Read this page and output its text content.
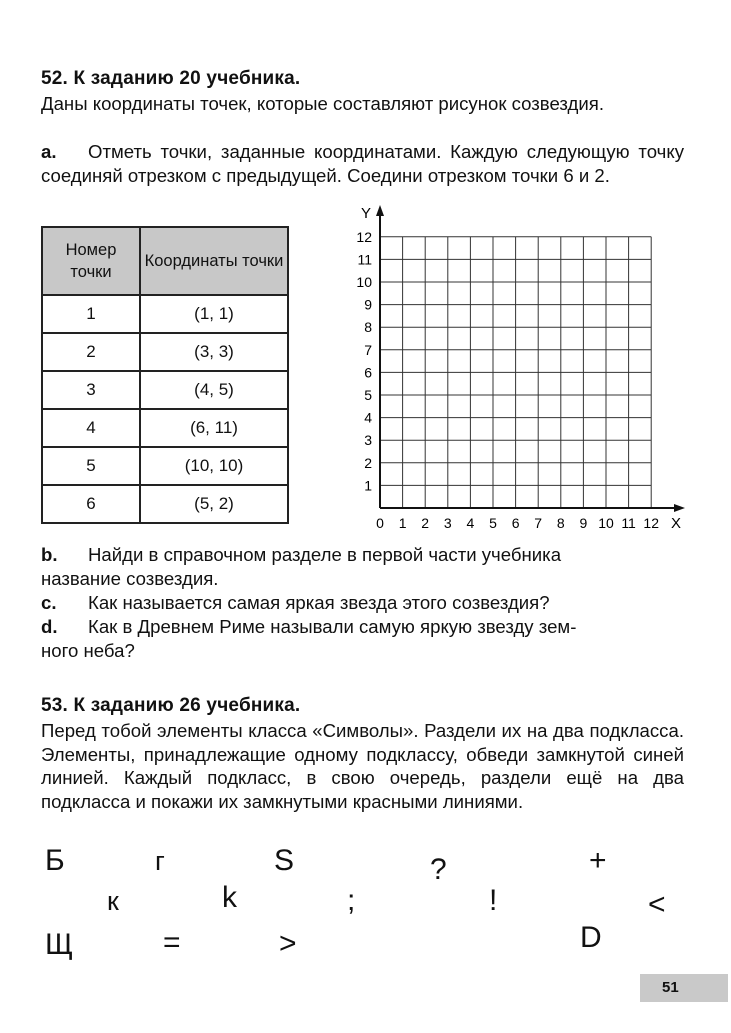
52. К заданию 20 учебника.
Даны координаты точек, которые составляют рисунок созвездия.
a. Отметь точки, заданные координатами. Каждую следующую точку соединяй отрезком с предыдущей. Соедини отрезком точки 6 и 2.
Номер точки	Координаты точки
1	(1, 1)
2	(3, 3)
3	(4, 5)
4	(6, 11)
5	(10, 10)
6	(5, 2)
Y
X
0 1 2 3 4 5 6 7 8 9 10 11 12
1
2
3
4
5
6
7
8
9
10
11
12
b. Найди в справочном разделе в первой части учебника
название созвездия.
c. Как называется самая яркая звезда этого созвездия?
d. Как в Древнем Риме называли самую яркую звезду зем-
ного неба?
53. К заданию 26 учебника.
Перед тобой элементы класса «Символы». Раздели их на два подкласса. Элементы, принадлежащие одному подклассу, обведи замкнутой синей линией. Каждый подкласс, в свою очередь, раздели ещё на два подкласса и покажи их замкнутыми красными линиями.
Б	г	S	?	+
к	k	;	!	<
Щ	=	>	D
51
